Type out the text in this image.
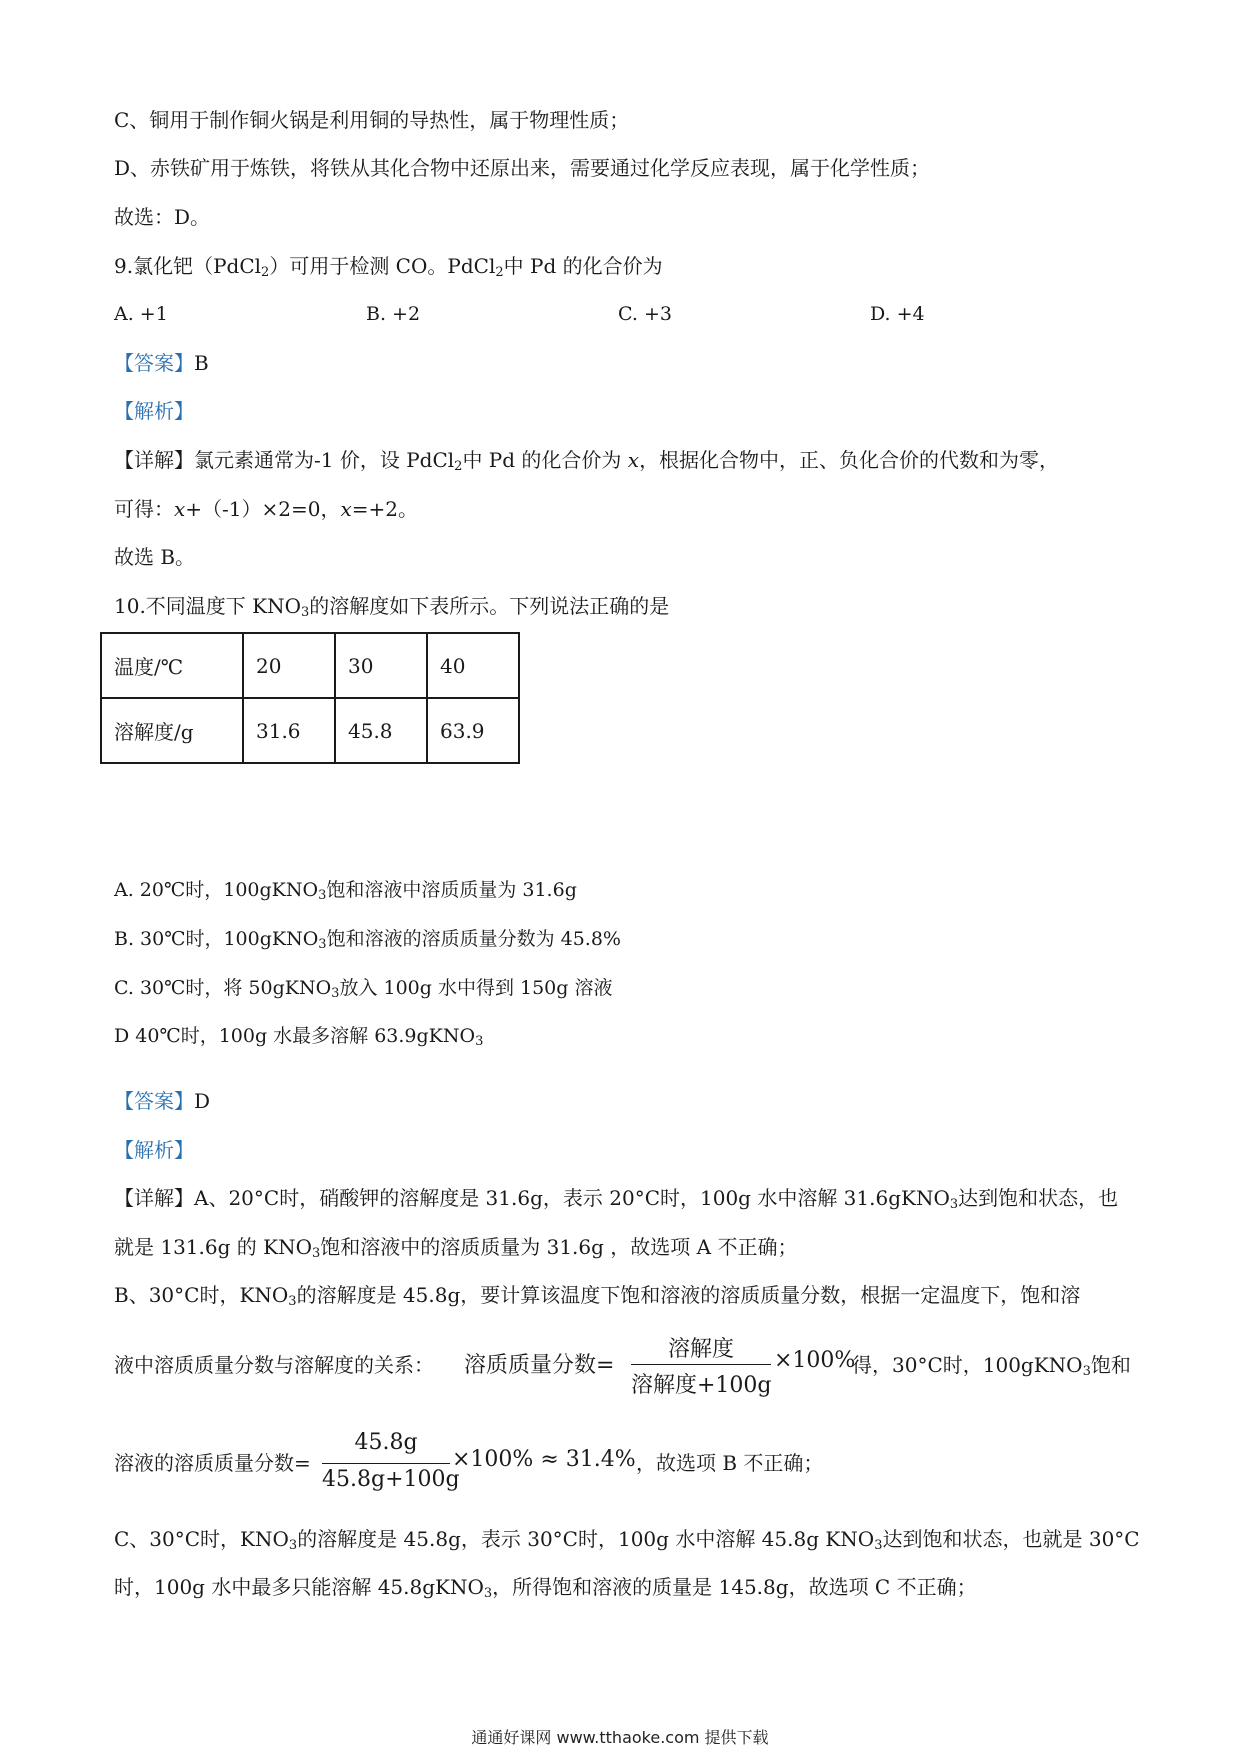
C、铜用于制作铜火锅是利用铜的导热性，属于物理性质；
D、赤铁矿用于炼铁，将铁从其化合物中还原出来，需要通过化学反应表现，属于化学性质；
故选：D。
9.氯化钯（PdCl$_2$）可用于检测 CO。PdCl$_2$中 Pd 的化合价为
A. +1	B. +2	C. +3	D. +4
【答案】B
【解析】
【详解】氯元素通常为-1 价，设 PdCl$_2$中 Pd 的化合价为 x，根据化合物中，正、负化合价的代数和为零，
可得：x+（-1）×2=0，x=+2。
故选 B。
10.不同温度下 $KNO_3$的溶解度如下表所示。下列说法正确的是
温度/℃	20	30	40
溶解度/g	31.6	45.8	63.9
A. 20℃时，100gKNO$_3$饱和溶液中溶质质量为 31.6g
B. 30℃时，100gKNO$_3$饱和溶液的溶质质量分数为 45.8%
C. 30℃时，将 50gKNO$_3$放入 100g 水中得到 150g 溶液
D 40℃时，100g 水最多溶解 63.9gKNO$_3$
【答案】D
【解析】
【详解】A、20°C时，硝酸钾的溶解度是 31.6g，表示 20°C时，100g 水中溶解 31.6gKNO$_3$达到饱和状态，也
就是 131.6g 的 $KNO_3$饱和溶液中的溶质质量为 31.6g ，故选项 A 不正确；
B、30°C时，$KNO_3$的溶解度是 45.8g，要计算该温度下饱和溶液的溶质质量分数，根据一定温度下，饱和溶
液中溶质质量分数与溶解度的关系： 溶质质量分数=
溶解度
溶解度+100g
×100%
得，30°C时，100gKNO$_3$饱和
溶液的溶质质量分数=
45.8g
45.8g+100g
×100% ≈ 31.4% ，故选项 B 不正确；
C、30°C时，$KNO_3$的溶解度是 45.8g，表示 30°C时，100g 水中溶解 45.8g $KNO_3$达到饱和状态，也就是 30°C
时，100g 水中最多只能溶解 45.8gKNO$_3$，所得饱和溶液的质量是 145.8g，故选项 C 不正确；
通通好课网 www.tthaoke.com 提供下载
